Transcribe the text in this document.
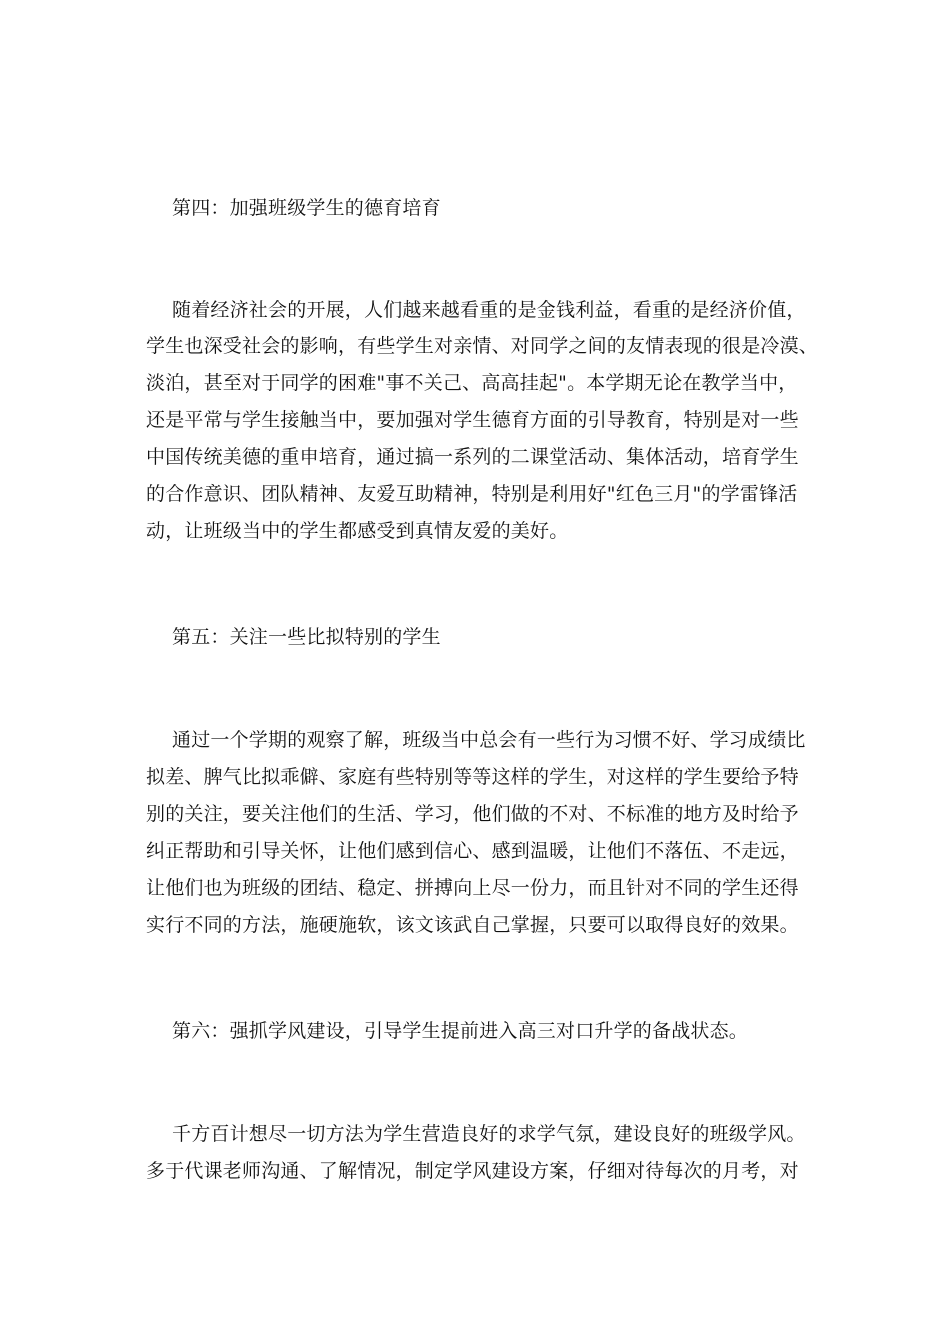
第四：加强班级学生的德育培育
随着经济社会的开展，人们越来越看重的是金钱利益，看重的是经济价值，
学生也深受社会的影响，有些学生对亲情、对同学之间的友情表现的很是冷漠、
淡泊，甚至对于同学的困难"事不关己、高高挂起"。本学期无论在教学当中，
还是平常与学生接触当中，要加强对学生德育方面的引导教育，特别是对一些
中国传统美德的重申培育，通过搞一系列的二课堂活动、集体活动，培育学生
的合作意识、团队精神、友爱互助精神，特别是利用好"红色三月"的学雷锋活
动，让班级当中的学生都感受到真情友爱的美好。
第五：关注一些比拟特别的学生
通过一个学期的观察了解，班级当中总会有一些行为习惯不好、学习成绩比
拟差、脾气比拟乖僻、家庭有些特别等等这样的学生，对这样的学生要给予特
别的关注，要关注他们的生活、学习，他们做的不对、不标准的地方及时给予
纠正帮助和引导关怀，让他们感到信心、感到温暖，让他们不落伍、不走远，
让他们也为班级的团结、稳定、拼搏向上尽一份力，而且针对不同的学生还得
实行不同的方法，施硬施软，该文该武自己掌握，只要可以取得良好的效果。
第六：强抓学风建设，引导学生提前进入高三对口升学的备战状态。
千方百计想尽一切方法为学生营造良好的求学气氛，建设良好的班级学风。
多于代课老师沟通、了解情况，制定学风建设方案，仔细对待每次的月考，对
